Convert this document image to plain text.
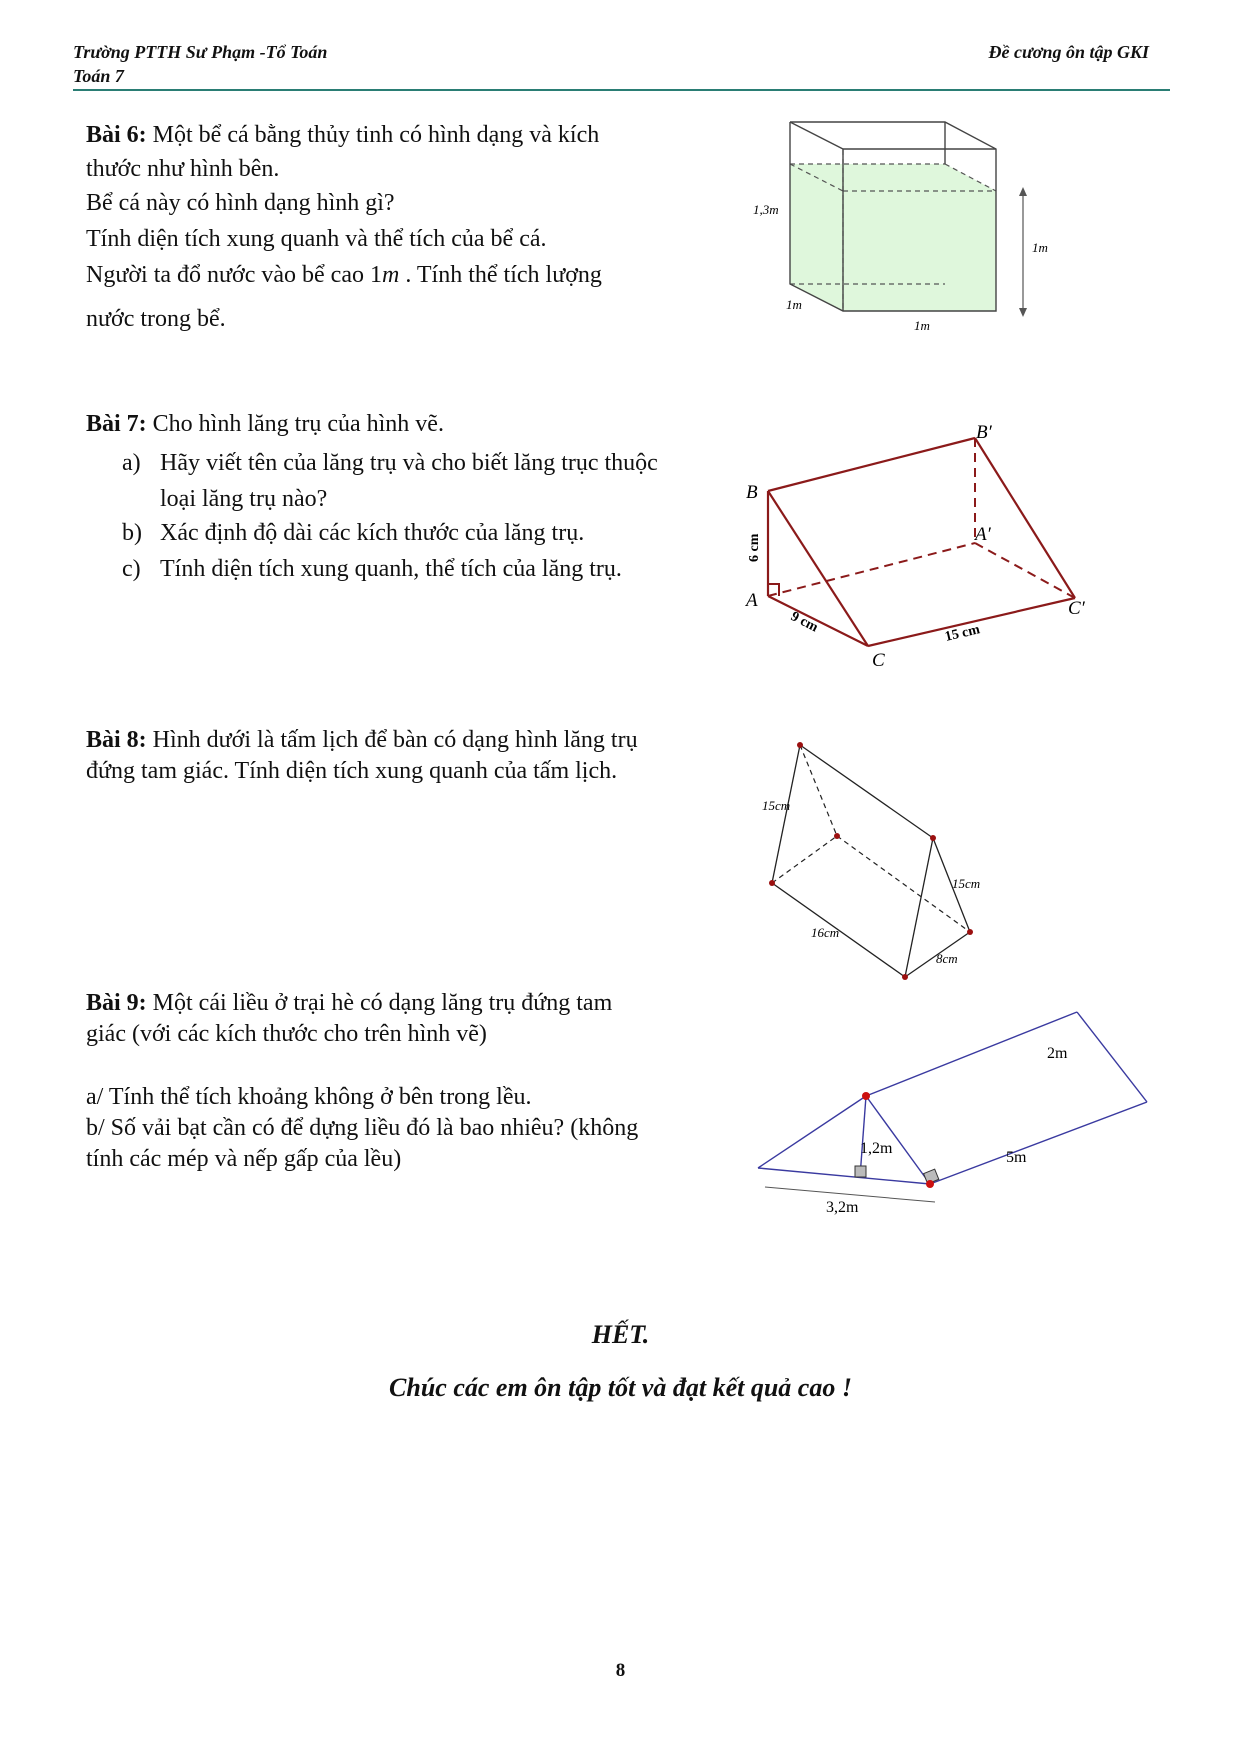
Trường PTTH Sư Phạm -Tổ Toán
Toán 7
Đề cương ôn tập GKI
Bài 6: Một bể cá bằng thủy tinh có hình dạng và kích
thước như hình bên.
Bể cá này có hình dạng hình gì?
Tính diện tích xung quanh và thể tích của bể cá.
Người ta đổ nước vào bể cao 1m . Tính thể tích lượng
nước trong bể.
1,3m
1m
1m
1m
Bài 7: Cho hình lăng trụ của hình vẽ.
a) Hãy viết tên của lăng trụ và cho biết lăng trục thuộc
loại lăng trụ nào?
b) Xác định độ dài các kích thước của lăng trụ.
c) Tính diện tích xung quanh, thể tích của lăng trụ.
B
A
C
B′
A′
C′
6 cm
9 cm	15 cm
Bài 8: Hình dưới là tấm lịch để bàn có dạng hình lăng trụ
đứng tam giác. Tính diện tích xung quanh của tấm lịch.
15cm
15cm
16cm
8cm
Bài 9: Một cái liều ở trại hè có dạng lăng trụ đứng tam
giác (với các kích thước cho trên hình vẽ)
a/ Tính thể tích khoảng không ở bên trong lều.
b/ Số vải bạt cần có để dựng liều đó là bao nhiêu? (không
tính các mép và nếp gấp của lều)
2m
5m
1,2m
3,2m
HẾT.
Chúc các em ôn tập tốt và đạt kết quả cao !
8
